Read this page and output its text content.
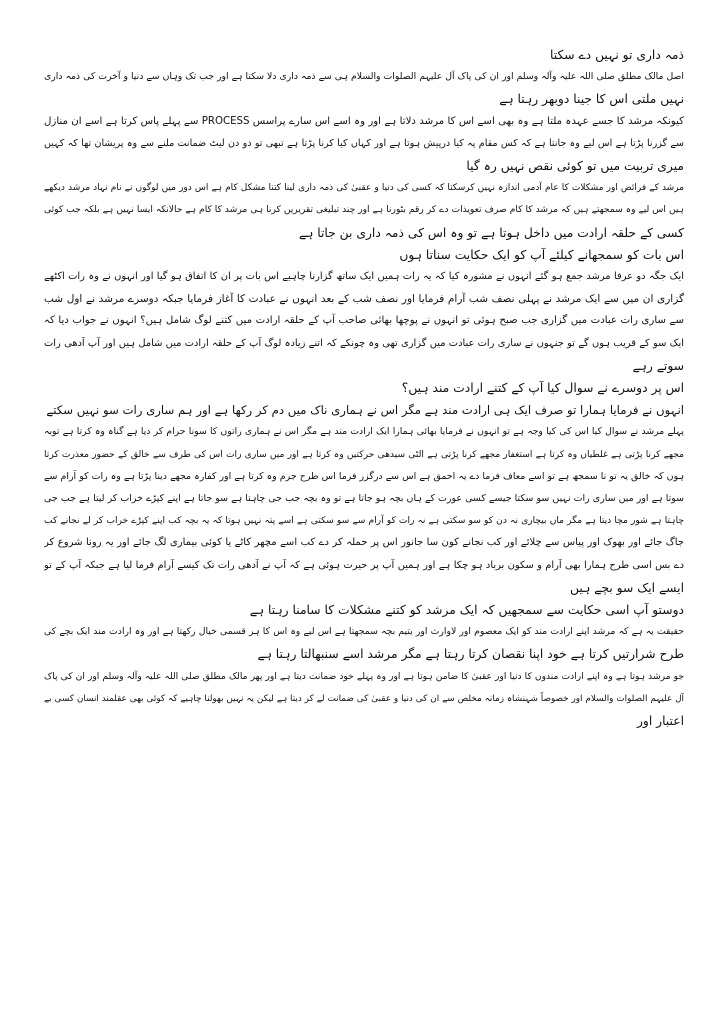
ذمہ داری تو نہیں دے سکتا
اصل مالک مطلق صلی اللہ علیہ وآلہ وسلم اور ان کی پاک آل علیہم الصلوات والسلام ہی سے ذمہ داری دلا سکتا ہے اور جب تک وہاں سے دنیا و آخرت کی ذمہ داری
نہیں ملتی اس کا جینا دوبھر رہتا ہے
کیونکہ مرشد کا جسے عہدہ ملتا ہے وہ بھی اسے اس کا مرشد دلاتا ہے اور وہ اسے اس سارے پراسس PROCESS سے پہلے پاس کرتا ہے اسے ان منازل
سے گزرنا پڑتا ہے اس لیے وہ جانتا ہے کہ کس مقام پہ کیا درپیش ہوتا ہے اور کہاں کیا کرنا پڑتا ہے تبھی تو دو دن لیٹ ضمانت ملنے سے وہ پریشان تھا کہ کہیں
میری تربیت میں تو کوئی نقص نہیں رہ گیا
مرشد کے فرائض اور مشکلات کا عام آدمی اندازہ نہیں کرسکتا کہ کسی کی دنیا و عقبیٰ کی ذمہ داری لینا کتنا مشکل کام ہے اس دور میں لوگوں نے نام نہاد مرشد دیکھے
ہیں اس لیے وہ سمجھتے ہیں کہ مرشد کا کام صرف تعویذات دے کر رقم بٹورنا ہے اور چند تبلیغی تقریریں کرنا ہی مرشد کا کام ہے حالانکہ ایسا نہیں ہے بلکہ جب کوئی
کسی کے حلقہ ارادت میں داخل ہوتا ہے تو وہ اس کی ذمہ داری بن جاتا ہے
اس بات کو سمجھانے کیلئے آپ کو ایک حکایت سناتا ہوں
ایک جگہ دو عرفا مرشد جمع ہو گئے انہوں نے مشورہ کیا کہ یہ رات ہمیں ایک ساتھ گزارنا چاہیے اس بات پر ان کا اتفاق ہو گیا اور انہوں نے وہ رات اکٹھے
گزاری ان میں سے ایک مرشد نے پہلی نصف شب آرام فرمایا اور نصف شب کے بعد انہوں نے عبادت کا آغاز فرمایا جبکہ دوسرے مرشد نے اول شب
سے ساری رات عبادت میں گزاری جب صبح ہوئی تو انہوں نے پوچھا بھائی صاحب آپ کے حلقہ ارادت میں کتنے لوگ شامل ہیں؟ انہوں نے جواب دیا کہ
ایک سو کے قریب ہوں گے تو جنہوں نے ساری رات عبادت میں گزاری تھی وہ چونکے کہ اتنے زیادہ لوگ آپ کے حلقہ ارادت میں شامل ہیں اور آپ آدھی رات
سوتے رہے
اس پر دوسرے نے سوال کیا آپ کے کتنے ارادت مند ہیں؟
انہوں نے فرمایا ہمارا تو صرف ایک ہی ارادت مند ہے مگر اس نے ہماری ناک میں دم کر رکھا ہے اور ہم ساری رات سو نہیں سکتے
پہلے مرشد نے سوال کیا اس کی کیا وجہ ہے تو انہوں نے فرمایا بھائی ہمارا ایک ارادت مند ہے مگر اس نے ہماری راتوں کا سونا حرام کر دیا ہے گناہ وہ کرتا ہے توبہ
مجھے کرنا پڑتی ہے غلطیاں وہ کرتا ہے استغفار مجھے کرنا پڑتی ہے الٹی سیدھی حرکتیں وہ کرتا ہے اور میں ساری رات اس کی طرف سے خالق کے حضور معذرت کرتا
ہوں کہ خالق یہ تو نا سمجھ ہے تو اسے معاف فرما دے یہ احمق ہے اس سے درگزر فرما اس طرح جرم وہ کرتا ہے اور کفارہ مجھے دینا پڑتا ہے وہ رات کو آرام سے
سوتا ہے اور میں ساری رات نہیں سو سکتا جیسے کسی عورت کے ہاں بچہ ہو جاتا ہے تو وہ بچہ جب جی چاہتا ہے سو جاتا ہے اپنے کپڑے خراب کر لیتا ہے جب جی
چاہتا ہے شور مچا دیتا ہے مگر ماں بیچاری نہ دن کو سو سکتی ہے نہ رات کو آرام سے سو سکتی ہے اسے پتہ نہیں ہوتا کہ یہ بچہ کب اپنے کپڑے خراب کر لے نجانے کب
جاگ جائے اور بھوک اور پیاس سے چلائے اور کب نجانے کون سا جانور اس پر حملہ کر دے کب اسے مچھر کاٹے یا کوئی بیماری لگ جائے اور یہ رونا شروع کر
دے بس اسی طرح ہمارا بھی آرام و سکون برباد ہو چکا ہے اور ہمیں آپ پر حیرت ہوئی ہے کہ آپ نے آدھی رات تک کیسے آرام فرما لیا ہے جبکہ آپ کے تو
ایسے ایک سو بچے ہیں
دوستو آپ اسی حکایت سے سمجھیں کہ ایک مرشد کو کتنے مشکلات کا سامنا رہتا ہے
حقیقت یہ ہے کہ مرشد اپنے ارادت مند کو ایک معصوم اور لاوارث اور یتیم بچہ سمجھتا ہے اس لیے وہ اس کا ہر قسمی خیال رکھتا ہے اور وہ ارادت مند ایک بچے کی
طرح شرارتیں کرتا ہے خود اپنا نقصان کرتا رہتا ہے مگر مرشد اسے سنبھالتا رہتا ہے
جو مرشد ہوتا ہے وہ اپنے ارادت مندوں کا دنیا اور عقبیٰ کا ضامن ہوتا ہے اور وہ پہلے خود ضمانت دیتا ہے اور پھر مالک مطلق صلی اللہ علیہ وآلہ وسلم اور ان کی پاک
آل علیہم الصلوات والسلام اور خصوصاً شہنشاہ زمانہ مخلص سے ان کی دنیا و عقبیٰ کی ضمانت لے کر دیتا ہے لیکن یہ نہیں بھولنا چاہیے کہ کوئی بھی عقلمند انسان کسی بے
اعتبار اور
